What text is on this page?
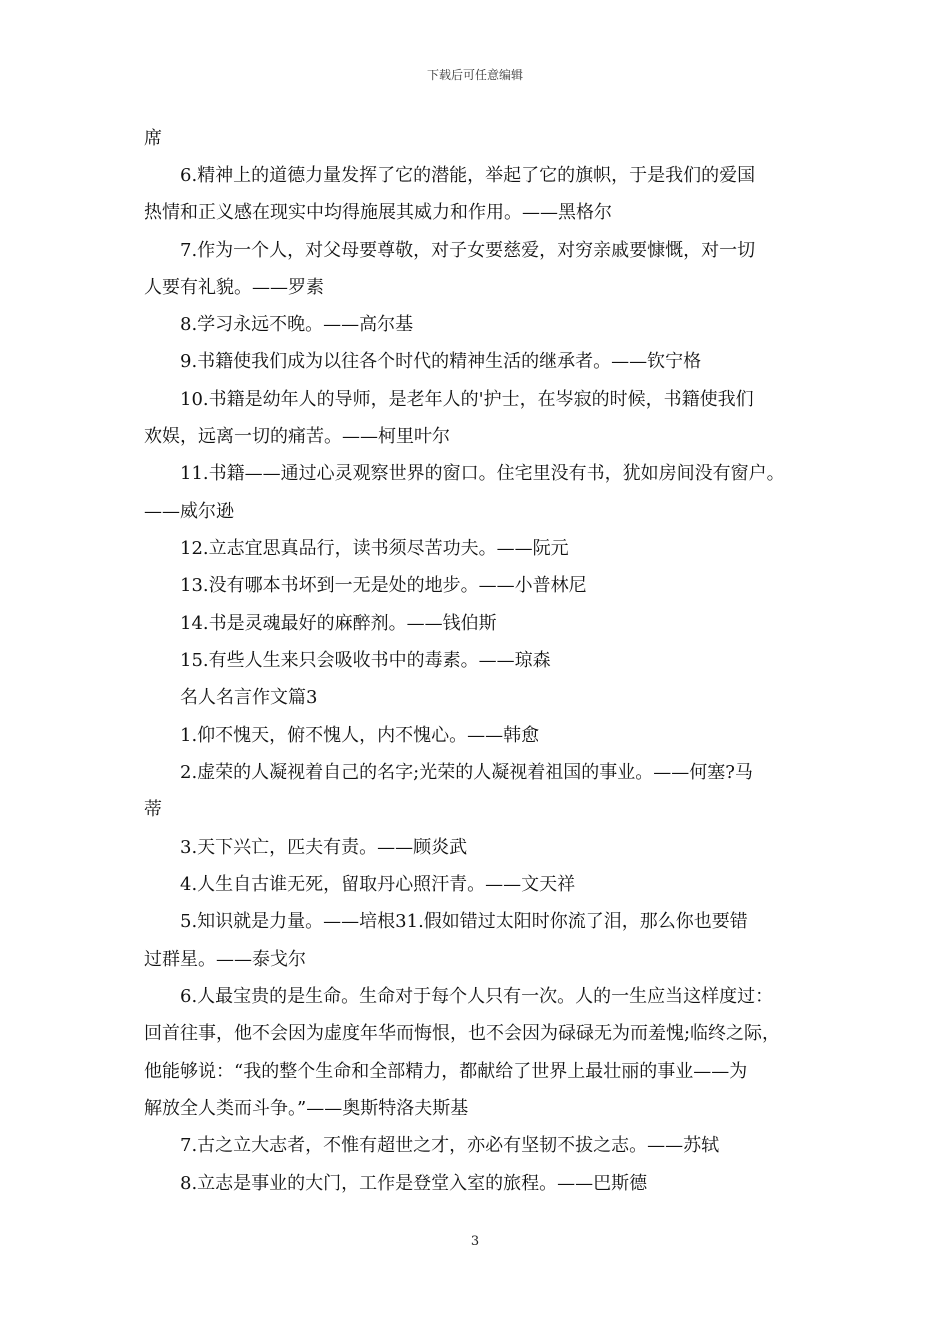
下载后可任意编辑
席
6.精神上的道德力量发挥了它的潜能，举起了它的旗帜，于是我们的爱国
热情和正义感在现实中均得施展其威力和作用。——黑格尔
7.作为一个人，对父母要尊敬，对子女要慈爱，对穷亲戚要慷慨，对一切
人要有礼貌。——罗素
8.学习永远不晚。——高尔基
9.书籍使我们成为以往各个时代的精神生活的继承者。——钦宁格
10.书籍是幼年人的导师，是老年人的'护士，在岑寂的时候，书籍使我们
欢娱，远离一切的痛苦。——柯里叶尔
11.书籍——通过心灵观察世界的窗口。住宅里没有书，犹如房间没有窗户。
——威尔逊
12.立志宜思真品行，读书须尽苦功夫。——阮元
13.没有哪本书坏到一无是处的地步。——小普林尼
14.书是灵魂最好的麻醉剂。——钱伯斯
15.有些人生来只会吸收书中的毒素。——琼森
名人名言作文篇3
1.仰不愧天，俯不愧人，内不愧心。——韩愈
2.虚荣的人凝视着自己的名字;光荣的人凝视着祖国的事业。——何塞?马
蒂
3.天下兴亡，匹夫有责。——顾炎武
4.人生自古谁无死，留取丹心照汗青。——文天祥
5.知识就是力量。——培根31.假如错过太阳时你流了泪，那么你也要错
过群星。——泰戈尔
6.人最宝贵的是生命。生命对于每个人只有一次。人的一生应当这样度过：
回首往事，他不会因为虚度年华而悔恨，也不会因为碌碌无为而羞愧;临终之际，
他能够说：“我的整个生命和全部精力，都献给了世界上最壮丽的事业——为
解放全人类而斗争。”——奥斯特洛夫斯基
7.古之立大志者，不惟有超世之才，亦必有坚韧不拔之志。——苏轼
8.立志是事业的大门，工作是登堂入室的旅程。——巴斯德
3
